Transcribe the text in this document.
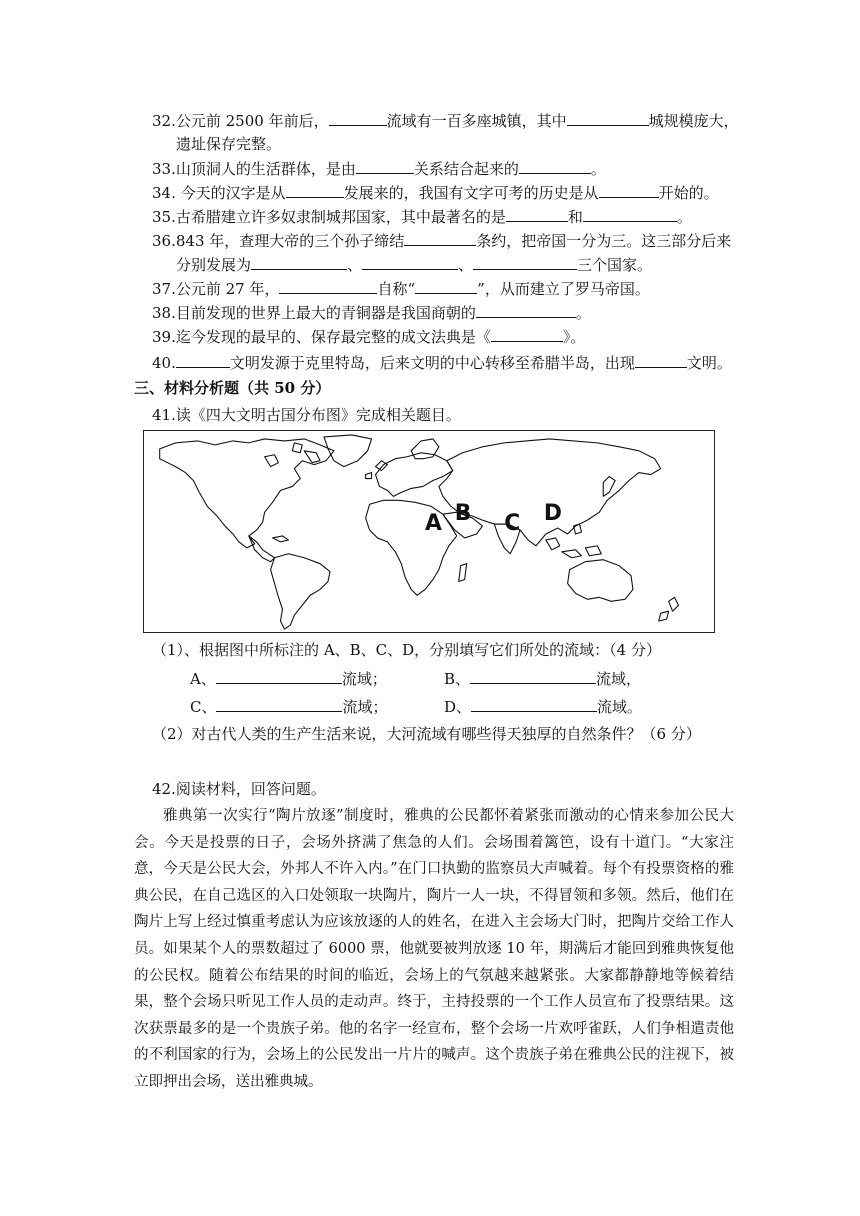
32.公元前 2500 年前后，	流域有一百多座城镇，其中	城规模庞大，
遗址保存完整。
33.山顶洞人的生活群体，是由	关系结合起来的	。
34. 今天的汉字是从	发展来的，我国有文字可考的历史是从	开始的。
35.古希腊建立许多奴隶制城邦国家，其中最著名的是	和	。
36.843 年，查理大帝的三个孙子缔结	条约，把帝国一分为三。这三部分后来
分别发展为	、	、	三个国家。
37.公元前 27 年，	自称“	”，从而建立了罗马帝国。
38.目前发现的世界上最大的青铜器是我国商朝的	。
39.迄今发现的最早的、保存最完整的成文法典是《	》。
40.	文明发源于克里特岛，后来文明的中心转移至希腊半岛，出现	文明。
三、材料分析题（共 50 分）
41.读《四大文明古国分布图》完成相关题目。
A B C D
（1）、根据图中所标注的 A、B、C、D，分别填写它们所处的流域：（4 分）
A、	流域；	B、	流域，
C、	流域；	D、	流域。
（2）对古代人类的生产生活来说，大河流域有哪些得天独厚的自然条件？（6 分）
42.阅读材料，回答问题。
雅典第一次实行“陶片放逐”制度时，雅典的公民都怀着紧张而激动的心情来参加公民大会。今天是投票的日子，会场外挤满了焦急的人们。会场围着篱笆，设有十道门。“大家注意，今天是公民大会，外邦人不许入内。”在门口执勤的监察员大声喊着。每个有投票资格的雅典公民，在自己选区的入口处领取一块陶片，陶片一人一块，不得冒领和多领。然后，他们在陶片上写上经过慎重考虑认为应该放逐的人的姓名，在进入主会场大门时，把陶片交给工作人员。如果某个人的票数超过了 6000 票，他就要被判放逐 10 年，期满后才能回到雅典恢复他的公民权。随着公布结果的时间的临近，会场上的气氛越来越紧张。大家都静静地等候着结果，整个会场只听见工作人员的走动声。终于，主持投票的一个工作人员宣布了投票结果。这次获票最多的是一个贵族子弟。他的名字一经宣布，整个会场一片欢呼雀跃，人们争相遣责他的不利国家的行为，会场上的公民发出一片片的喊声。这个贵族子弟在雅典公民的注视下，被立即押出会场，送出雅典城。
